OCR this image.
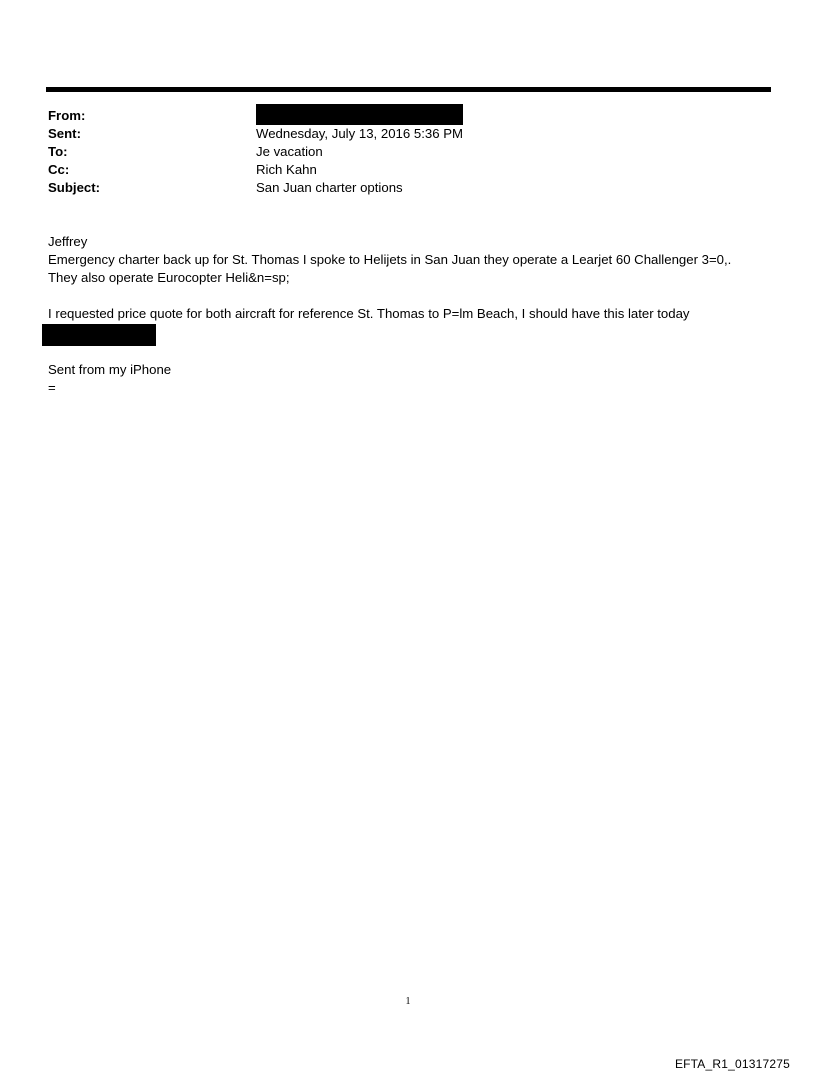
From:
Sent:	Wednesday, July 13, 2016 5:36 PM
To:	Je vacation
Cc:	Rich Kahn
Subject:	San Juan charter options
Jeffrey
Emergency charter back up for St. Thomas I spoke to Helijets in San Juan they operate a Learjet 60 Challenger 3=0,.
They also operate Eurocopter Heli&n=sp;
I requested price quote for both aircraft for reference St. Thomas to P=lm Beach, I should have this later today
Sent from my iPhone
=
1
EFTA_R1_01317275
